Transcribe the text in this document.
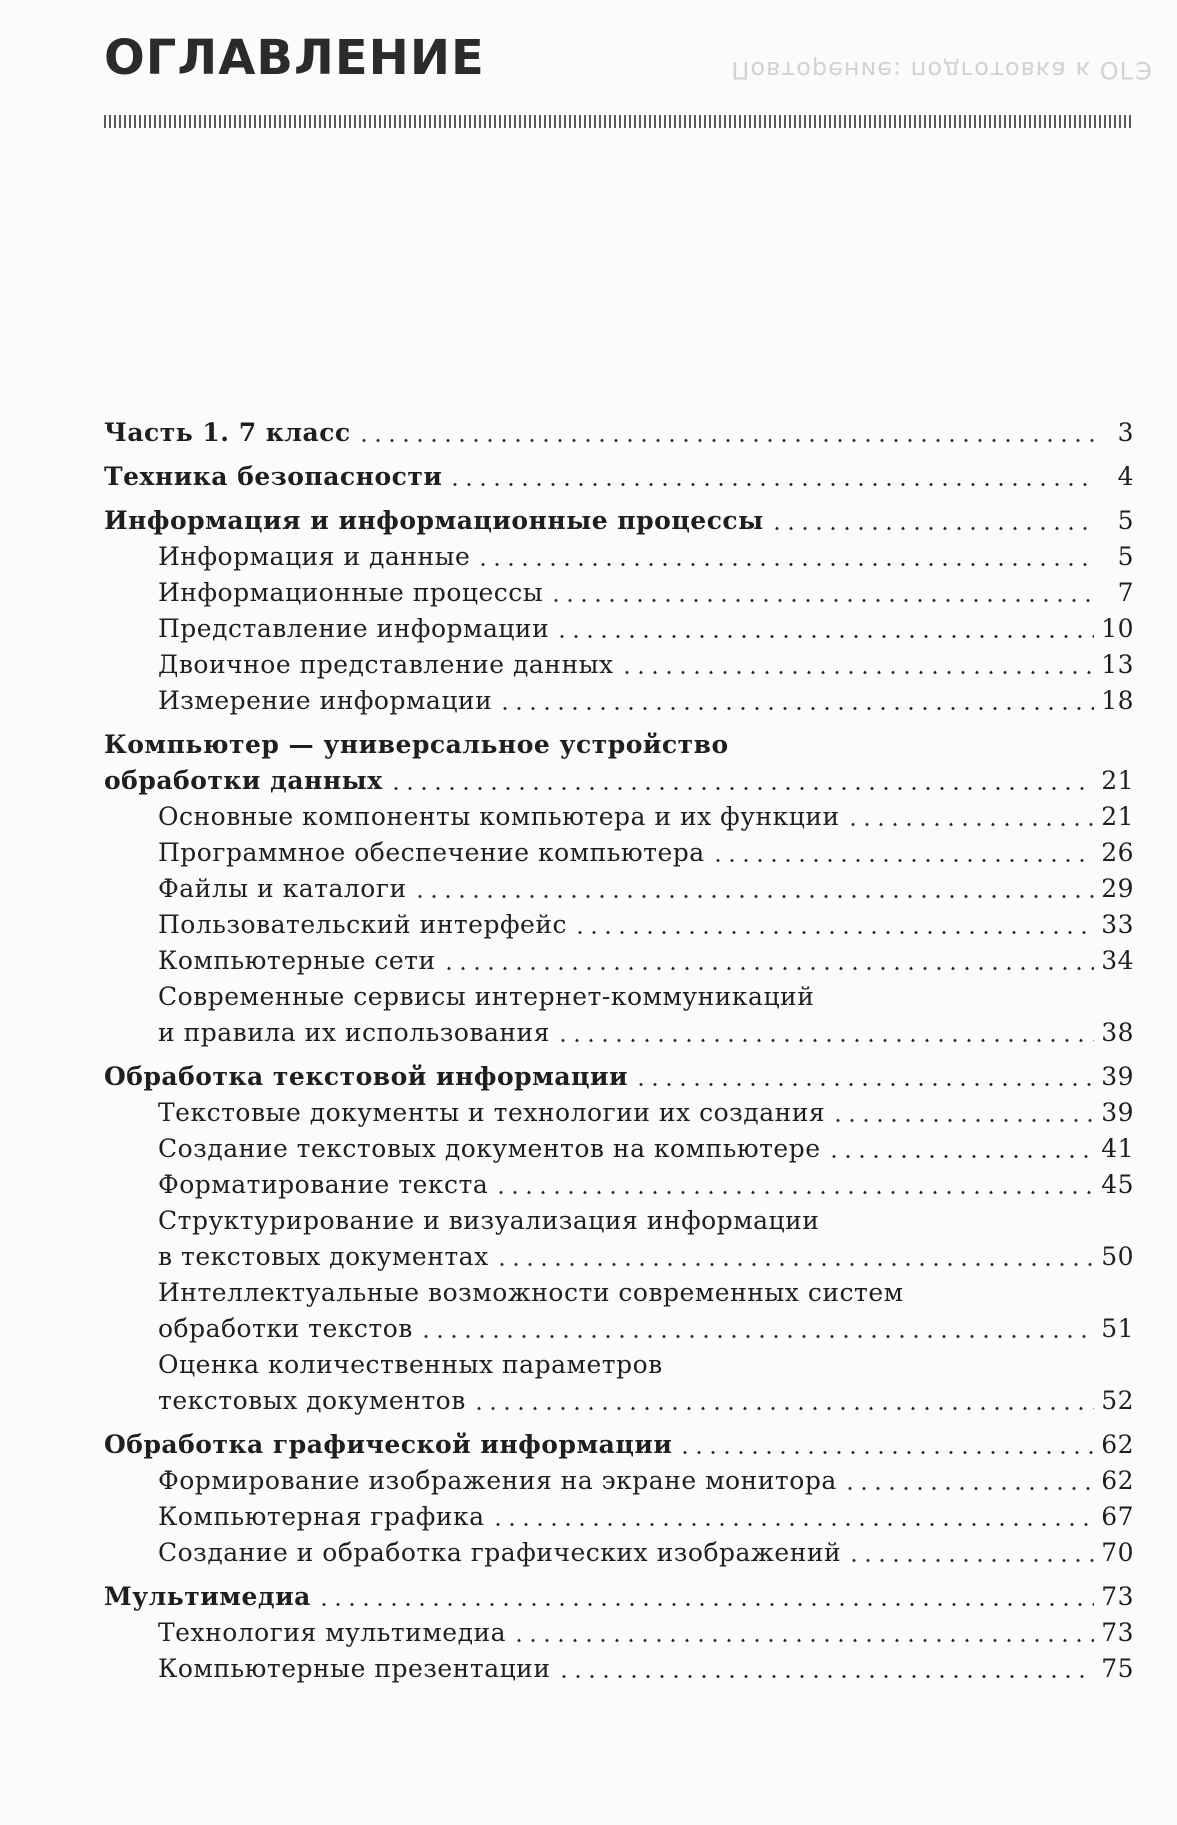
Повторение: подготовка к ОГЭ
ОГЛАВЛЕНИЕ
Часть 1. 7 класс	3
Техника безопасности	4
Информация и информационные процессы	5
Информация и данные	5
Информационные процессы	7
Представление информации	10
Двоичное представление данных	13
Измерение информации	18
Компьютер — универсальное устройство
обработки данных	21
Основные компоненты компьютера и их функции	21
Программное обеспечение компьютера	26
Файлы и каталоги	29
Пользовательский интерфейс	33
Компьютерные сети	34
Современные сервисы интернет-коммуникаций
и правила их использования	38
Обработка текстовой информации	39
Текстовые документы и технологии их создания	39
Создание текстовых документов на компьютере	41
Форматирование текста	45
Структурирование и визуализация информации
в текстовых документах	50
Интеллектуальные возможности современных систем
обработки текстов	51
Оценка количественных параметров
текстовых документов	52
Обработка графической информации	62
Формирование изображения на экране монитора	62
Компьютерная графика	67
Создание и обработка графических изображений	70
Мультимедиа	73
Технология мультимедиа	73
Компьютерные презентации	75
